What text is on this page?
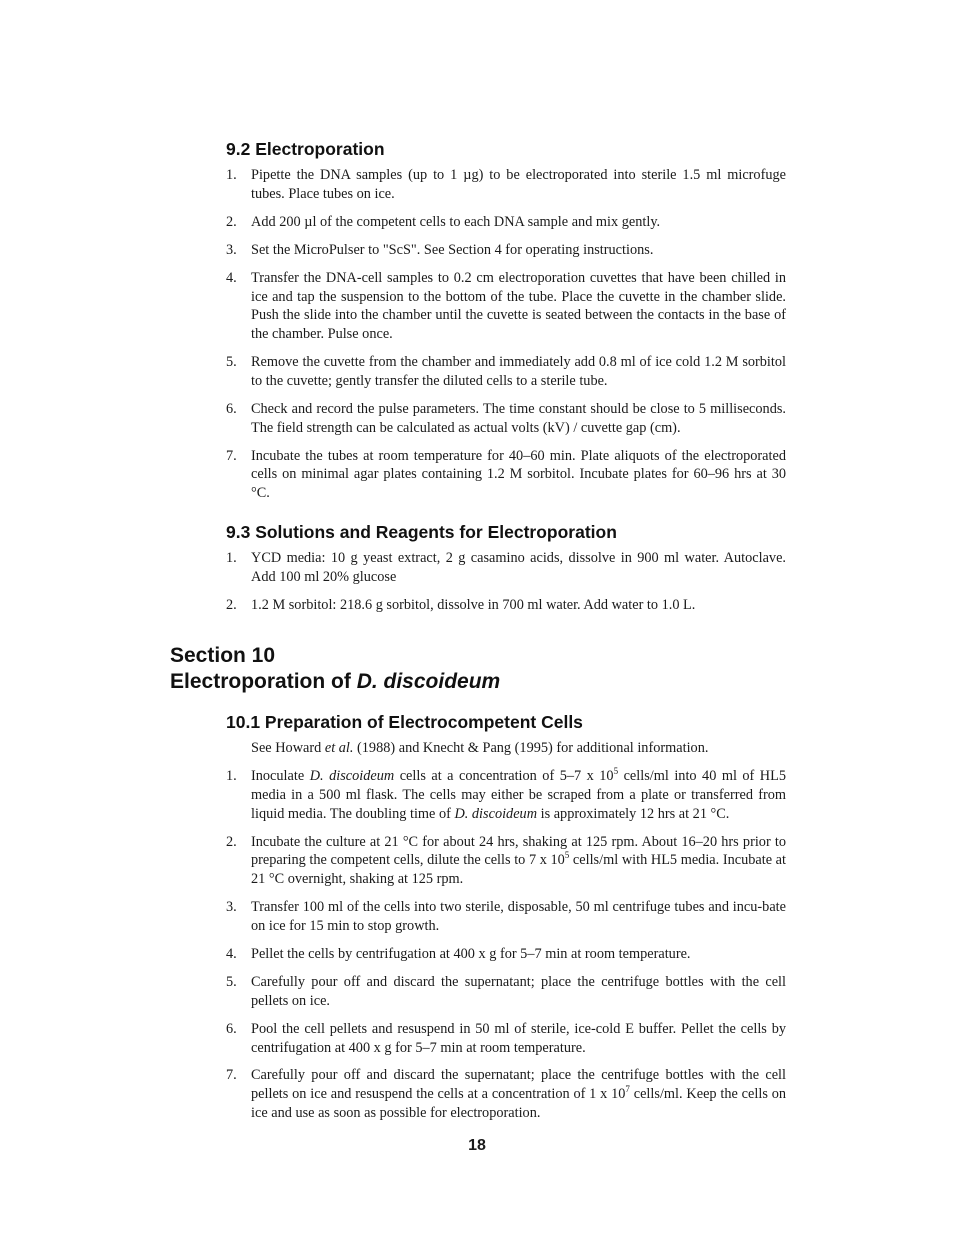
9.2 Electroporation
1. Pipette the DNA samples (up to 1 µg) to be electroporated into sterile 1.5 ml microfuge tubes. Place tubes on ice.
2. Add 200 µl of the competent cells to each DNA sample and mix gently.
3. Set the MicroPulser to "ScS". See Section 4 for operating instructions.
4. Transfer the DNA-cell samples to 0.2 cm electroporation cuvettes that have been chilled in ice and tap the suspension to the bottom of the tube. Place the cuvette in the chamber slide. Push the slide into the chamber until the cuvette is seated between the contacts in the base of the chamber. Pulse once.
5. Remove the cuvette from the chamber and immediately add 0.8 ml of ice cold 1.2 M sorbitol to the cuvette; gently transfer the diluted cells to a sterile tube.
6. Check and record the pulse parameters. The time constant should be close to 5 milliseconds. The field strength can be calculated as actual volts (kV) / cuvette gap (cm).
7. Incubate the tubes at room temperature for 40–60 min. Plate aliquots of the electroporated cells on minimal agar plates containing 1.2 M sorbitol. Incubate plates for 60–96 hrs at 30 °C.
9.3 Solutions and Reagents for Electroporation
1. YCD media: 10 g yeast extract, 2 g casamino acids, dissolve in 900 ml water. Autoclave. Add 100 ml 20% glucose
2. 1.2 M sorbitol: 218.6 g sorbitol, dissolve in 700 ml water. Add water to 1.0 L.
Section 10
Electroporation of D. discoideum
10.1 Preparation of Electrocompetent Cells

See Howard et al. (1988) and Knecht & Pang (1995) for additional information.

1. Inoculate D. discoideum cells at a concentration of 5–7 x $10^5$ cells/ml into 40 ml of HL5 media in a 500 ml flask. The cells may either be scraped from a plate or transferred from liquid media. The doubling time of D. discoideum is approximately 12 hrs at 21 °C.
2. Incubate the culture at 21 °C for about 24 hrs, shaking at 125 rpm. About 16–20 hrs prior to preparing the competent cells, dilute the cells to 7 x $10^5$ cells/ml with HL5 media. Incubate at 21 °C overnight, shaking at 125 rpm.
3. Transfer 100 ml of the cells into two sterile, disposable, 50 ml centrifuge tubes and incu-bate on ice for 15 min to stop growth.
4. Pellet the cells by centrifugation at 400 x g for 5–7 min at room temperature.
5. Carefully pour off and discard the supernatant; place the centrifuge bottles with the cell pellets on ice.
6. Pool the cell pellets and resuspend in 50 ml of sterile, ice-cold E buffer. Pellet the cells by centrifugation at 400 x g for 5–7 min at room temperature.
7. Carefully pour off and discard the supernatant; place the centrifuge bottles with the cell pellets on ice and resuspend the cells at a concentration of 1 x $10^7$ cells/ml. Keep the cells on ice and use as soon as possible for electroporation.
18
